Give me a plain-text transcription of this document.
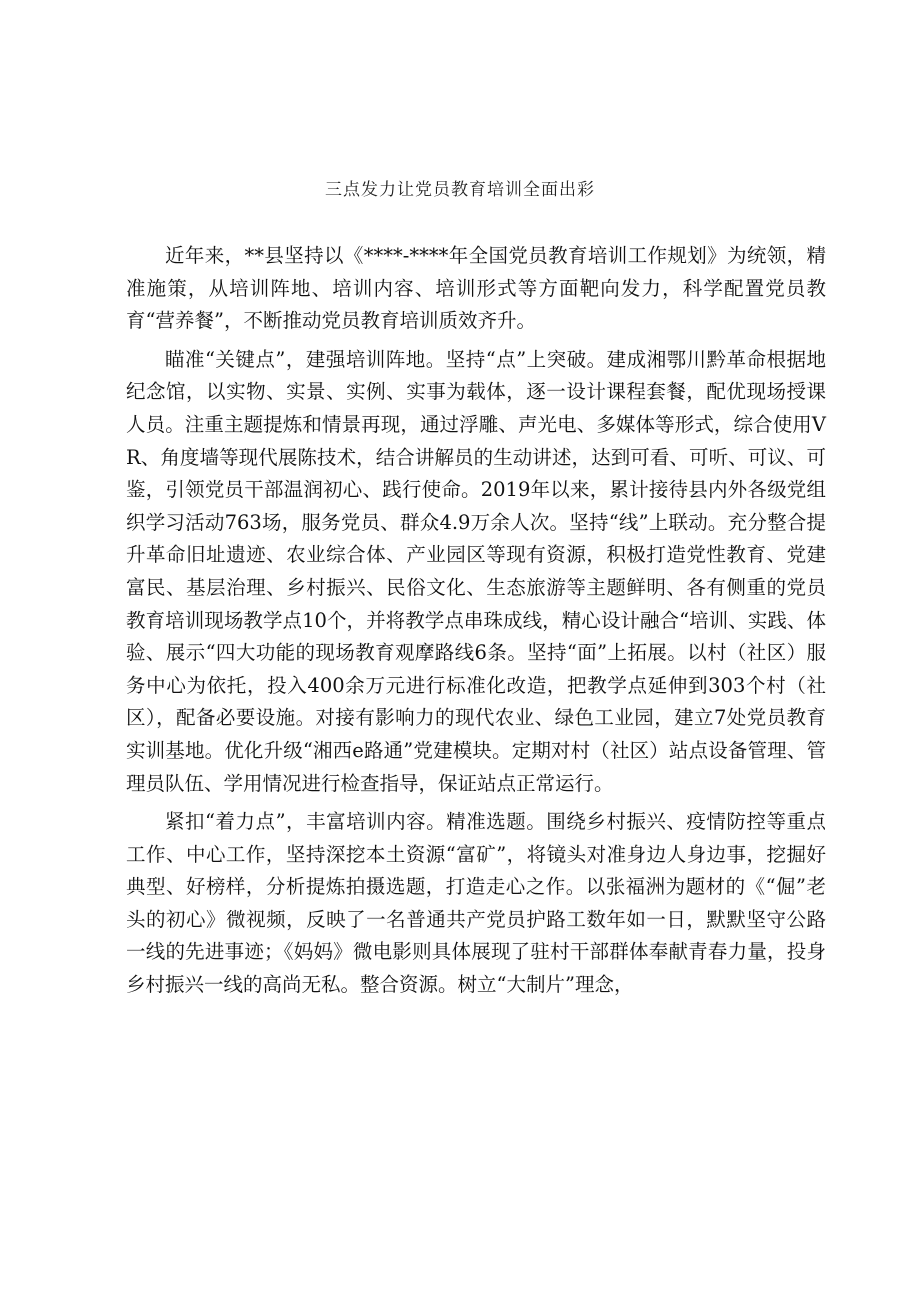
三点发力让党员教育培训全面出彩

近年来，**县坚持以《****-****年全国党员教育培训工作规划》为统领，精准施策，从培训阵地、培训内容、培训形式等方面靶向发力，科学配置党员教育“营养餐”，不断推动党员教育培训质效齐升。

瞄准“关键点”，建强培训阵地。坚持“点”上突破。建成湘鄂川黔革命根据地纪念馆，以实物、实景、实例、实事为载体，逐一设计课程套餐，配优现场授课人员。注重主题提炼和情景再现，通过浮雕、声光电、多媒体等形式，综合使用VR、角度墙等现代展陈技术，结合讲解员的生动讲述，达到可看、可听、可议、可鉴，引领党员干部温润初心、践行使命。2019年以来，累计接待县内外各级党组织学习活动763场，服务党员、群众4.9万余人次。坚持“线”上联动。充分整合提升革命旧址遗迹、农业综合体、产业园区等现有资源，积极打造党性教育、党建富民、基层治理、乡村振兴、民俗文化、生态旅游等主题鲜明、各有侧重的党员教育培训现场教学点10个，并将教学点串珠成线，精心设计融合“培训、实践、体验、展示“四大功能的现场教育观摩路线6条。坚持“面”上拓展。以村（社区）服务中心为依托，投入400余万元进行标准化改造，把教学点延伸到303个村（社区），配备必要设施。对接有影响力的现代农业、绿色工业园，建立7处党员教育实训基地。优化升级“湘西e路通”党建模块。定期对村（社区）站点设备管理、管理员队伍、学用情况进行检查指导，保证站点正常运行。

紧扣“着力点”，丰富培训内容。精准选题。围绕乡村振兴、疫情防控等重点工作、中心工作，坚持深挖本土资源“富矿”，将镜头对准身边人身边事，挖掘好典型、好榜样，分析提炼拍摄选题，打造走心之作。以张福洲为题材的《“倔”老头的初心》微视频，反映了一名普通共产党员护路工数年如一日，默默坚守公路一线的先进事迹；《妈妈》微电影则具体展现了驻村干部群体奉献青春力量，投身乡村振兴一线的高尚无私。整合资源。树立“大制片”理念，
